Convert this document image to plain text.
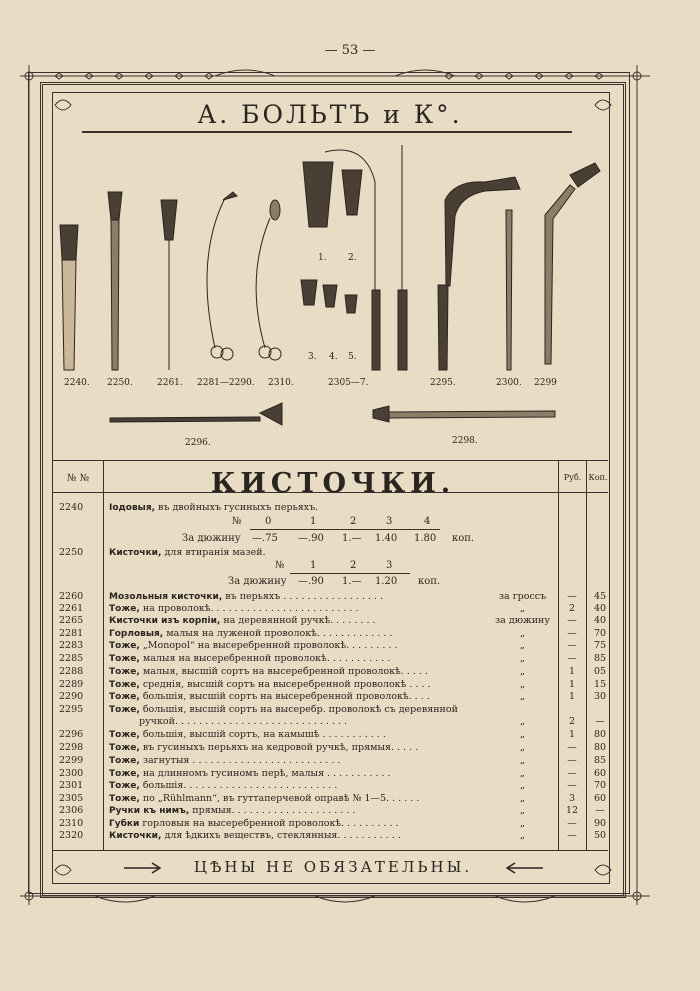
— 53 —
А. БОЛЬТЪ и К°.
2240. 2250.	2261. 2281—2290. 2310.
1. 2.
3. 4. 5.
2305—7.	2295.	2300. 2299
2296.	2298.
№ №	КИСТОЧКИ.	Руб. Коп.
2240	Іодовыя, въ двойныхъ гусиныхъ перьяхъ.
№ 0	1	2	3	4
За дюжину —.75 —.90 1.— 1.40 1.80 коп.
2250	Кисточки, для втиранія мазей.
№	1	2	3
За дюжину —.90 1.— 1.20 коп.
2260	Мозольныя кисточки, въ перьяхъ . . . . . . . . . . . . . . . . .	за гроссъ	—	45
2261	Тоже, на проволокѣ. . . . . . . . . . . . . . . . . . . . . . . . .	„	2	40
2265	Кисточки изъ корпіи, на деревянной ручкѣ. . . . . . . .	за дюжину	—	40
2281	Горловыя, малыя на луженой проволокѣ. . . . . . . . . . . . .	„	—	70
2283	Тоже, „Monopol“ на высеребренной проволокѣ. . . . . . . . .	„	—	75
2285	Тоже, малыя на высеребренной проволокѣ. . . . . . . . . . .	„	—	85
2288	Тоже, малыя, высшій сортъ на высеребренной проволокѣ. . . . .	„	1	05
2289	Тоже, среднія, высшій сортъ на высеребренной проволокѣ . . . .	„	1	15
2290	Тоже, большія, высшій сортъ на высеребренной проволокѣ. . . .	„	1	30
2295	Тоже, большія, высшій сортъ на высеребр. проволокѣ съ деревянной
ручкой. . . . . . . . . . . . . . . . . . . . . . . . . . . . .	„	2	—
2296	Тоже, большія, высшій сортъ, на камышѣ . . . . . . . . . . .	„	1	80
2298	Тоже, въ гусиныхъ перьяхъ на кедровой ручкѣ, прямыя. . . . .	„	—	80
2299	Тоже, загнутыя . . . . . . . . . . . . . . . . . . . . . . . . .	„	—	85
2300	Тоже, на длинномъ гусиномъ перѣ, малыя . . . . . . . . . . .	„	—	60
2301	Тоже, большія. . . . . . . . . . . . . . . . . . . . . . . . . .	„	—	70
2305	Тоже, по „Rühlmann“, въ гуттаперчевой оправѣ № 1—5. . . . . .	„	3	60
2306	Ручки къ нимъ, прямыя. . . . . . . . . . . . . . . . . . . . .	„	12	—
2310	Губки горловыя на высеребренной проволокѣ. . . . . . . . . .	„	—	90
2320	Кисточки, для ѣдкихъ веществъ, стеклянныя. . . . . . . . . . .	„	—	50
ЦѢНЫ НЕ ОБЯЗАТЕЛЬНЫ.
